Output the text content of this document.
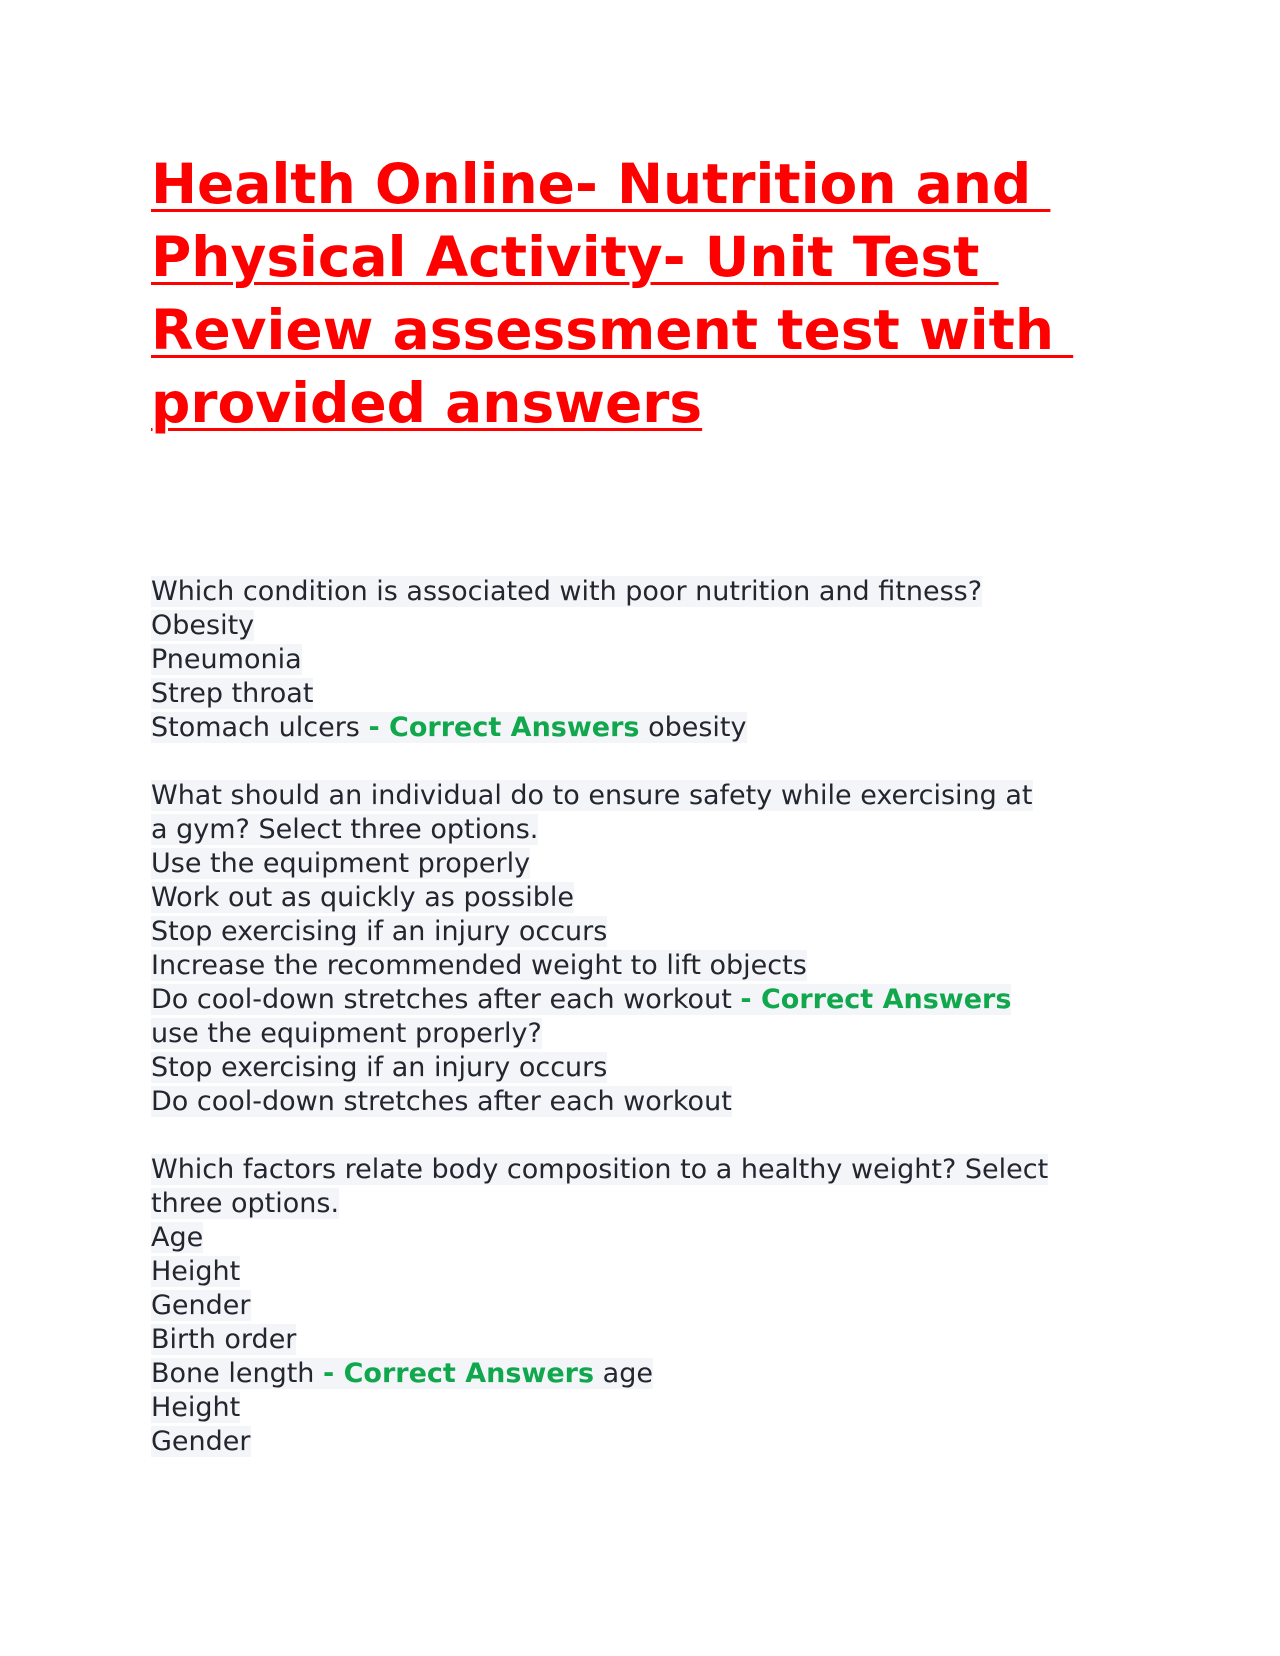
Health Online- Nutrition and
Physical Activity- Unit Test
Review assessment test with
provided answers
Which condition is associated with poor nutrition and fitness?
Obesity
Pneumonia
Strep throat
Stomach ulcers - Correct Answers obesity
What should an individual do to ensure safety while exercising at
a gym? Select three options.
Use the equipment properly
Work out as quickly as possible
Stop exercising if an injury occurs
Increase the recommended weight to lift objects
Do cool-down stretches after each workout - Correct Answers
use the equipment properly?
Stop exercising if an injury occurs
Do cool-down stretches after each workout
Which factors relate body composition to a healthy weight? Select
three options.
Age
Height
Gender
Birth order
Bone length - Correct Answers age
Height
Gender
